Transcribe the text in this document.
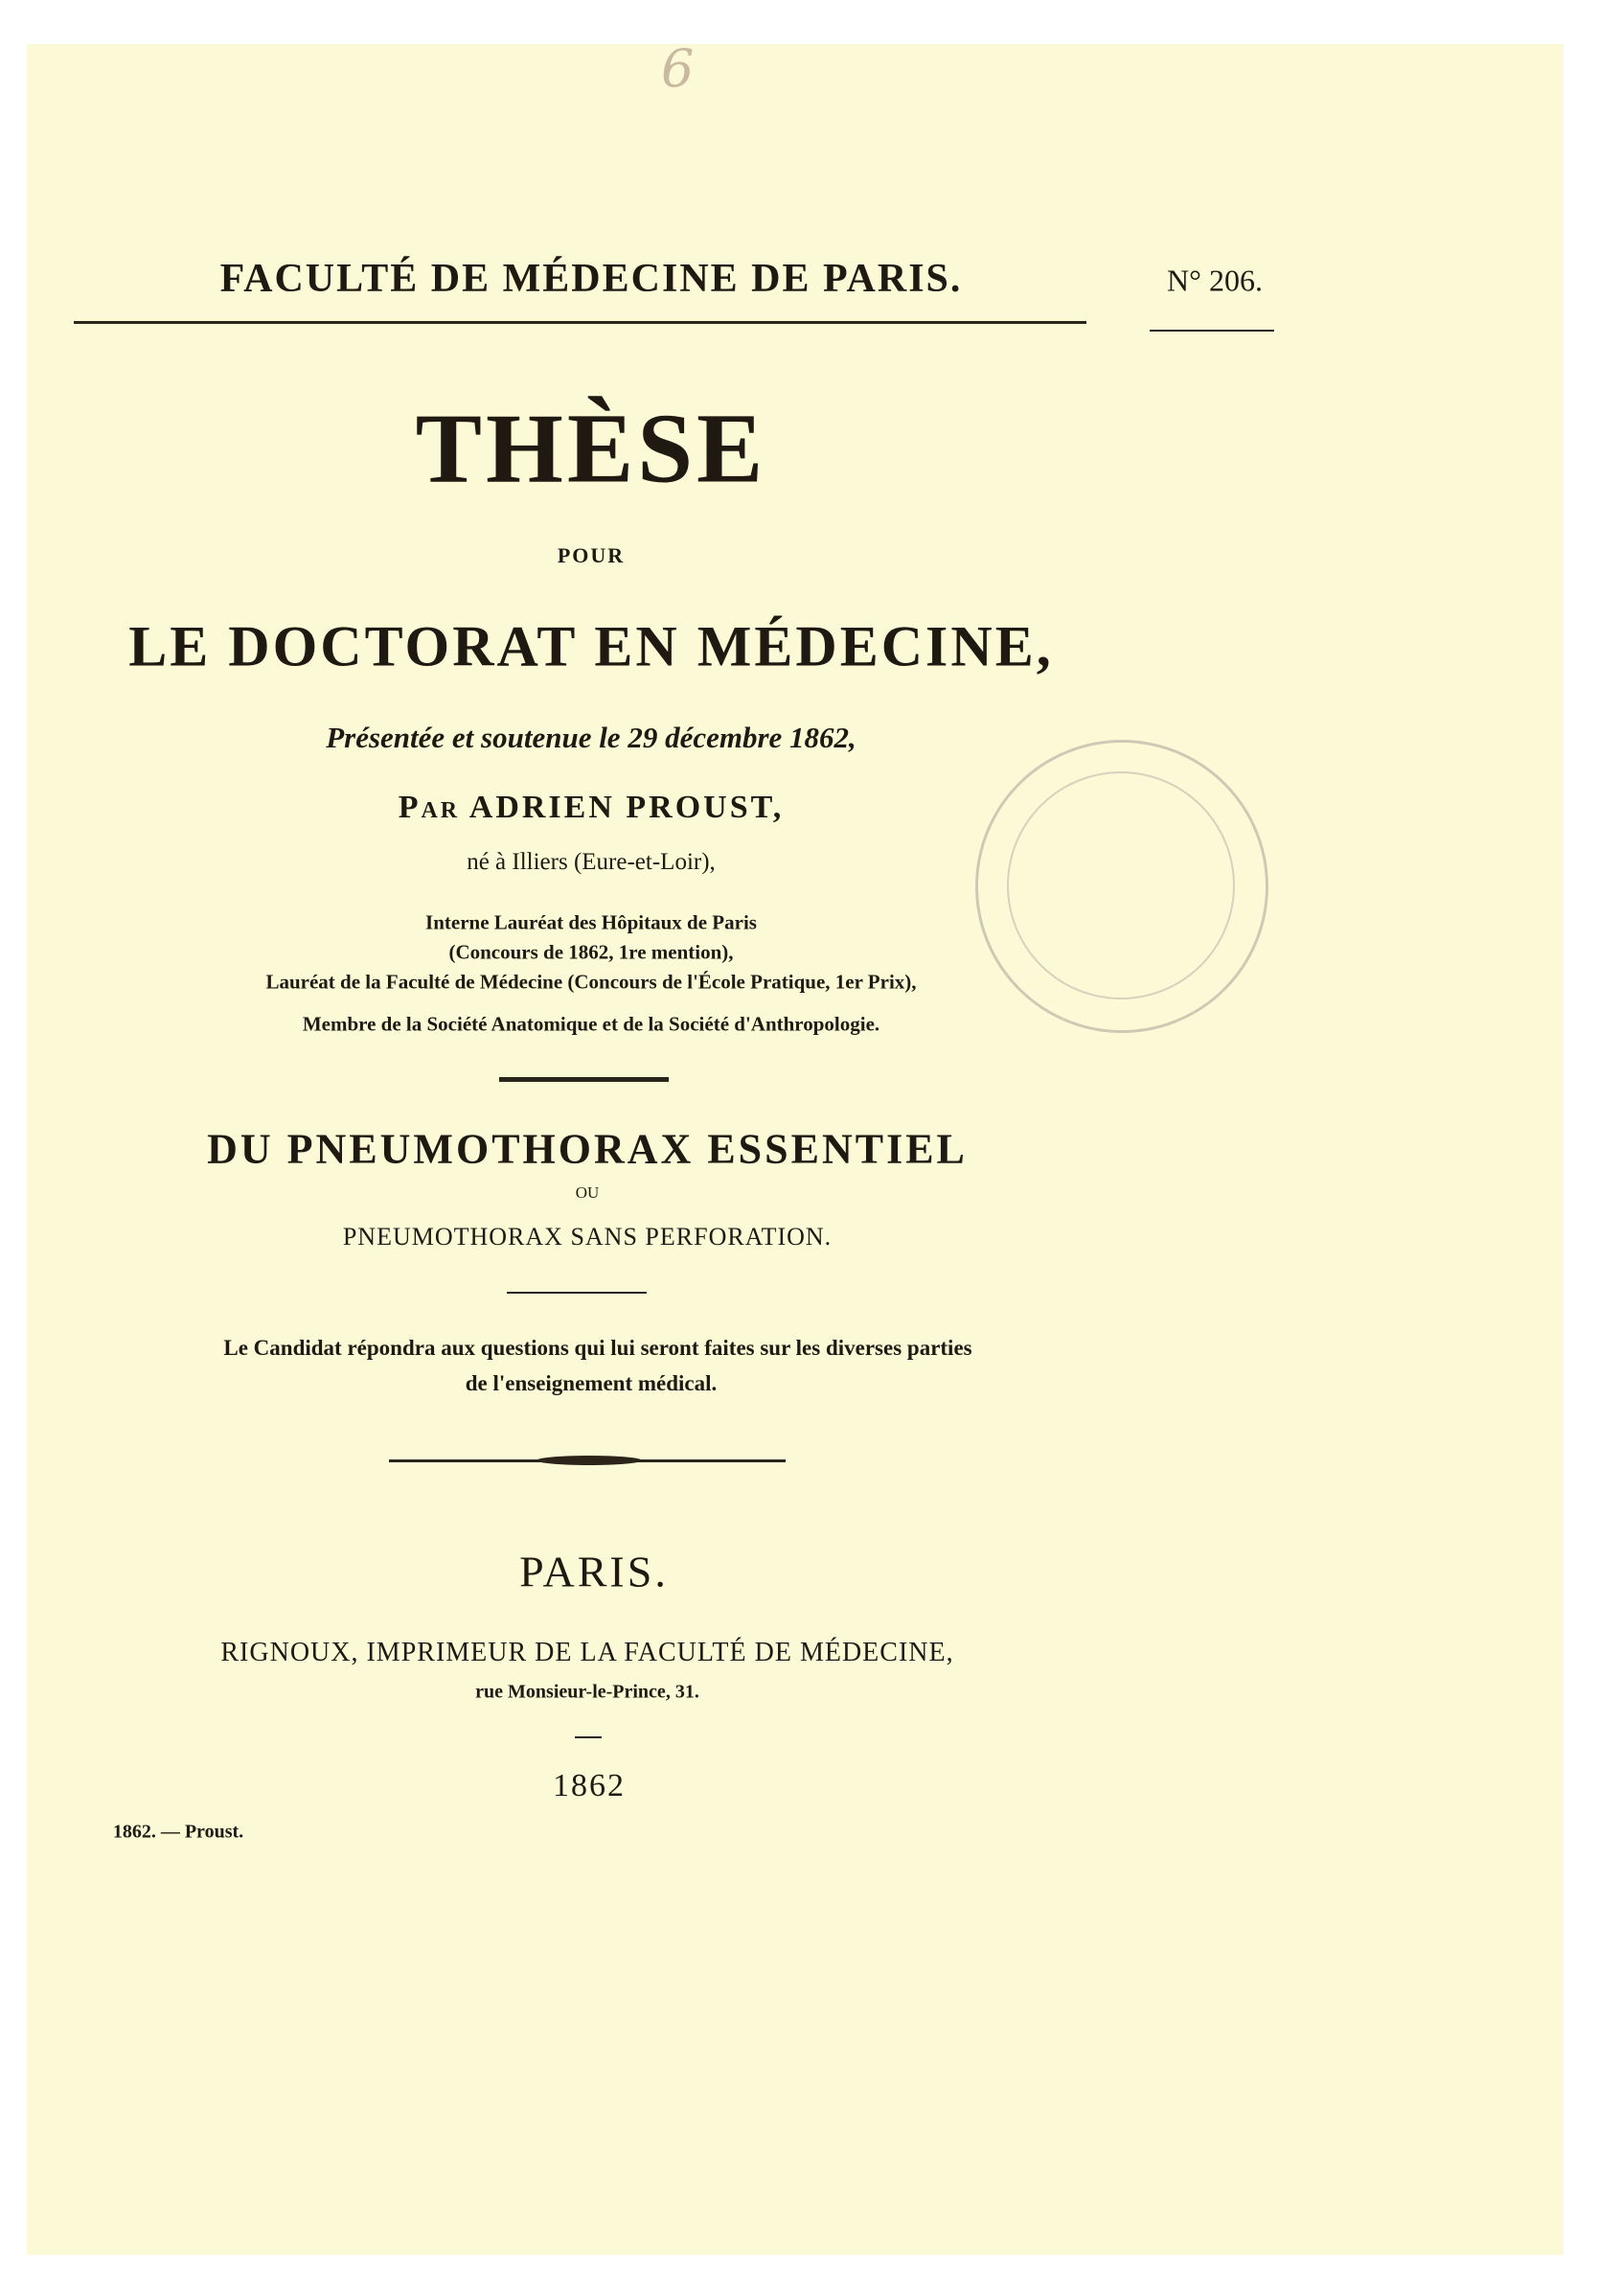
6
FACULTÉ DE MÉDECINE DE PARIS.	N° 206.
THÈSE
POUR
LE DOCTORAT EN MÉDECINE,
Présentée et soutenue le 29 décembre 1862,
Par ADRIEN PROUST,
né à Illiers (Eure-et-Loir),
Interne Lauréat des Hôpitaux de Paris
(Concours de 1862, 1re mention),
Lauréat de la Faculté de Médecine (Concours de l'École Pratique, 1er Prix),
Membre de la Société Anatomique et de la Société d'Anthropologie.
DU PNEUMOTHORAX ESSENTIEL
OU
PNEUMOTHORAX SANS PERFORATION.
Le Candidat répondra aux questions qui lui seront faites sur les diverses parties
de l'enseignement médical.
PARIS.
RIGNOUX, IMPRIMEUR DE LA FACULTÉ DE MÉDECINE,
rue Monsieur-le-Prince, 31.
1862
1862. — Proust.
